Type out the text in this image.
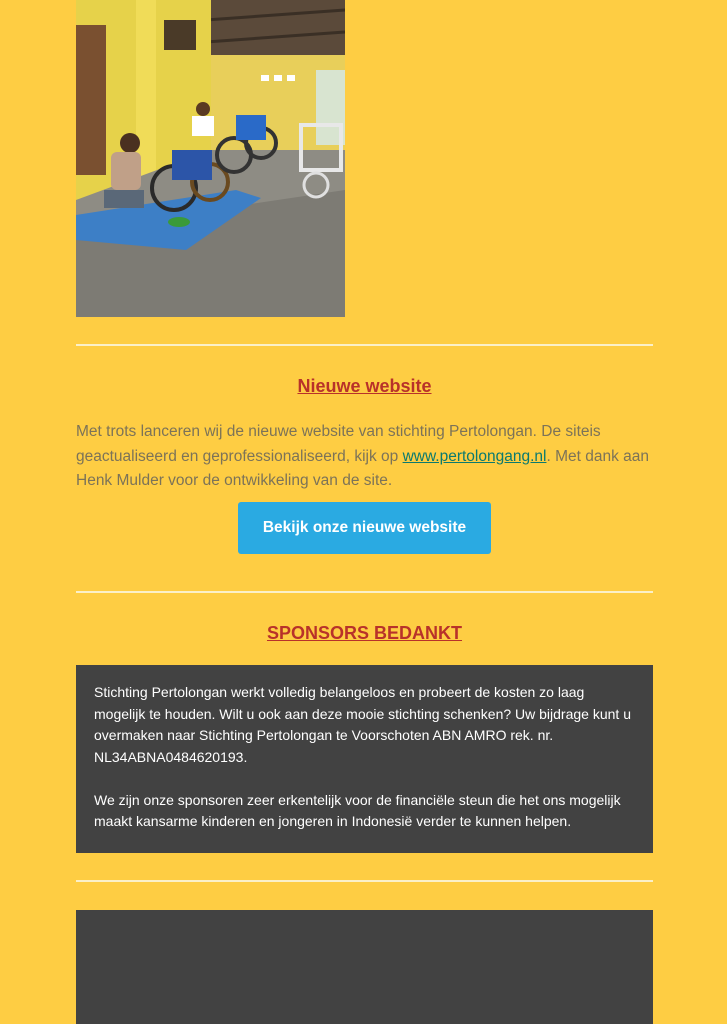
Nieuwe website

Met trots lanceren wij de nieuwe website van stichting Pertolongan. De siteis geactualiseerd en geprofessionaliseerd, kijk op www.pertolongang.nl. Met dank aan Henk Mulder voor de ontwikkeling van de site.

Bekijk onze nieuwe website
SPONSORS BEDANKT

Stichting Pertolongan werkt volledig belangeloos en probeert de kosten zo laag mogelijk te houden. Wilt u ook aan deze mooie stichting schenken? Uw bijdrage kunt u overmaken naar Stichting Pertolongan te Voorschoten ABN AMRO rek. nr. NL34ABNA0484620193.

We zijn onze sponsoren zeer erkentelijk voor de financiële steun die het ons mogelijk maakt kansarme kinderen en jongeren in Indonesië verder te kunnen helpen.
